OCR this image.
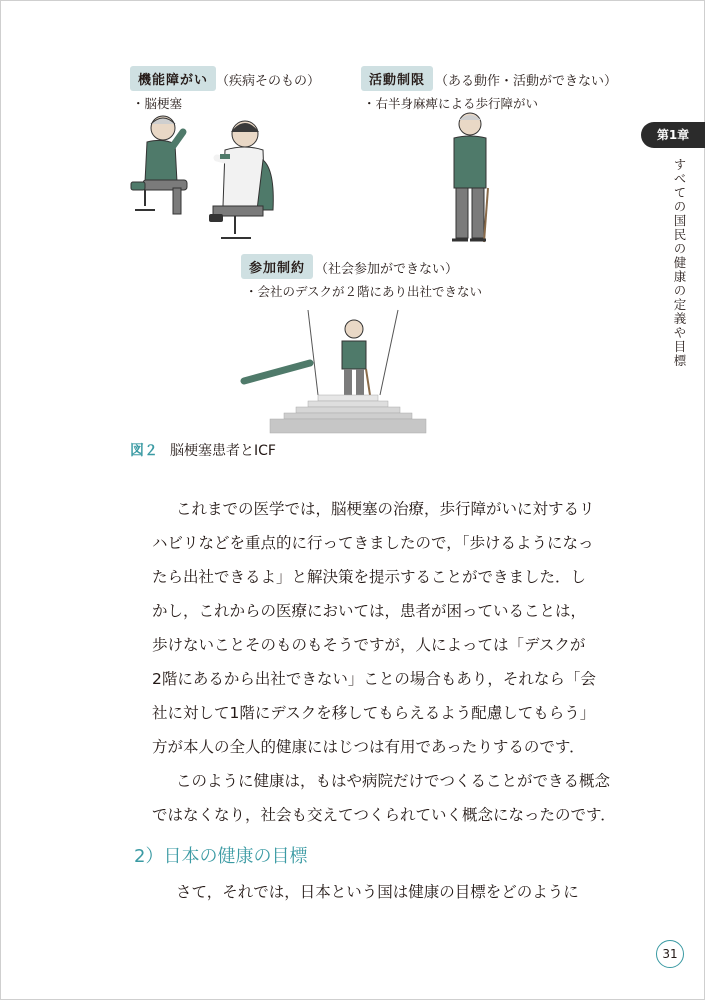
機能障がい （疾病そのもの）
・脳梗塞
活動制限 （ある動作・活動ができない）
・右半身麻痺による歩行障がい
参加制約 （社会参加ができない）
・会社のデスクが２階にあり出社できない
図２ 脳梗塞患者とICF
第1章
すべての国民の健康の定義や目標
これまでの医学では，脳梗塞の治療，歩行障がいに対するリ
ハビリなどを重点的に行ってきましたので，「歩けるようになっ
たら出社できるよ」と解決策を提示することができました．し
かし，これからの医療においては，患者が困っていることは，
歩けないことそのものもそうですが，人によっては「デスクが
2階にあるから出社できない」ことの場合もあり，それなら「会
社に対して1階にデスクを移してもらえるよう配慮してもらう」
方が本人の全人的健康にはじつは有用であったりするのです．
このように健康は，もはや病院だけでつくることができる概念
ではなくなり，社会も交えてつくられていく概念になったのです．
2）日本の健康の目標
さて，それでは，日本という国は健康の目標をどのように
31
